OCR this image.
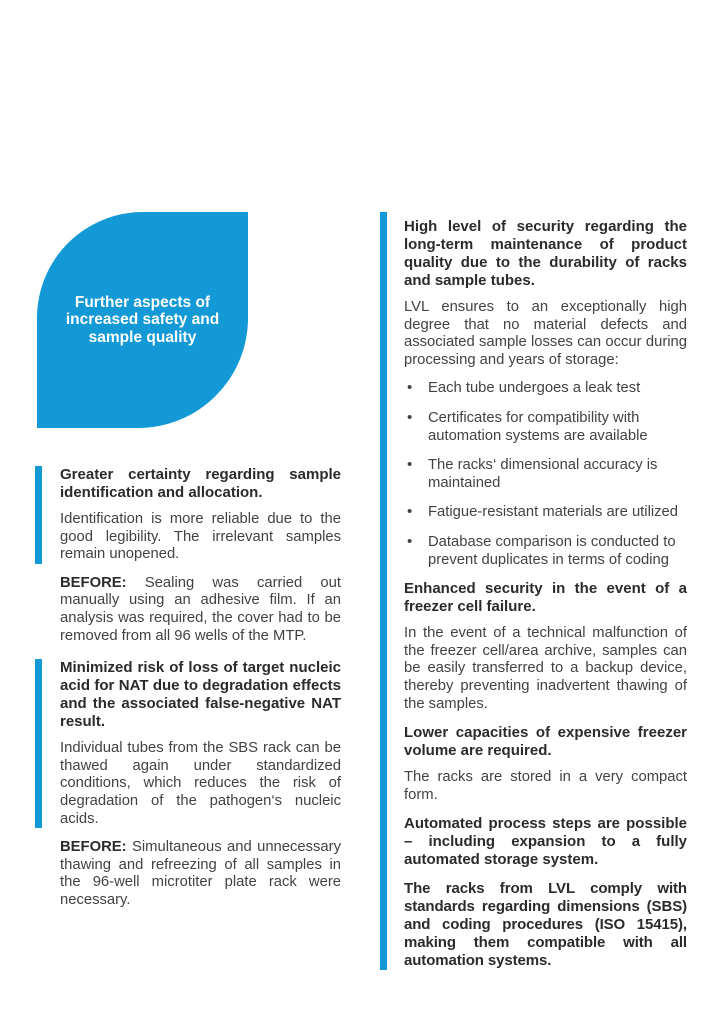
Further aspects of increased safety and sample quality
Greater certainty regarding sample identification and allocation.

Identification is more reliable due to the good legibility. The irrelevant samples remain unopened.

BEFORE: Sealing was carried out manually using an adhesive film. If an analysis was required, the cover had to be removed from all 96 wells of the MTP.

Minimized risk of loss of target nucleic acid for NAT due to degradation effects and the associated false-negative NAT result.

Individual tubes from the SBS rack can be thawed again under standardized conditions, which reduces the risk of degradation of the pathogen‘s nucleic acids.

BEFORE: Simultaneous and unnecessary thawing and refreezing of all samples in the 96-well microtiter plate rack were necessary.

High level of security regarding the long-term maintenance of product quality due to the durability of racks and sample tubes.

LVL ensures to an exceptionally high degree that no material defects and associated sample losses can occur during processing and years of storage:

• Each tube undergoes a leak test
• Certificates for compatibility with automation systems are available
• The racks‘ dimensional accuracy is maintained
• Fatigue-resistant materials are utilized
• Database comparison is conducted to prevent duplicates in terms of coding
Enhanced security in the event of a freezer cell failure.

In the event of a technical malfunction of the freezer cell/area archive, samples can be easily transferred to a backup device, thereby preventing inadvertent thawing of the samples.

Lower capacities of expensive freezer volume are required.

The racks are stored in a very compact form.

Automated process steps are possible – including expansion to a fully automated storage system.

The racks from LVL comply with standards regarding dimensions (SBS) and coding procedures (ISO 15415), making them compatible with all automation systems.
